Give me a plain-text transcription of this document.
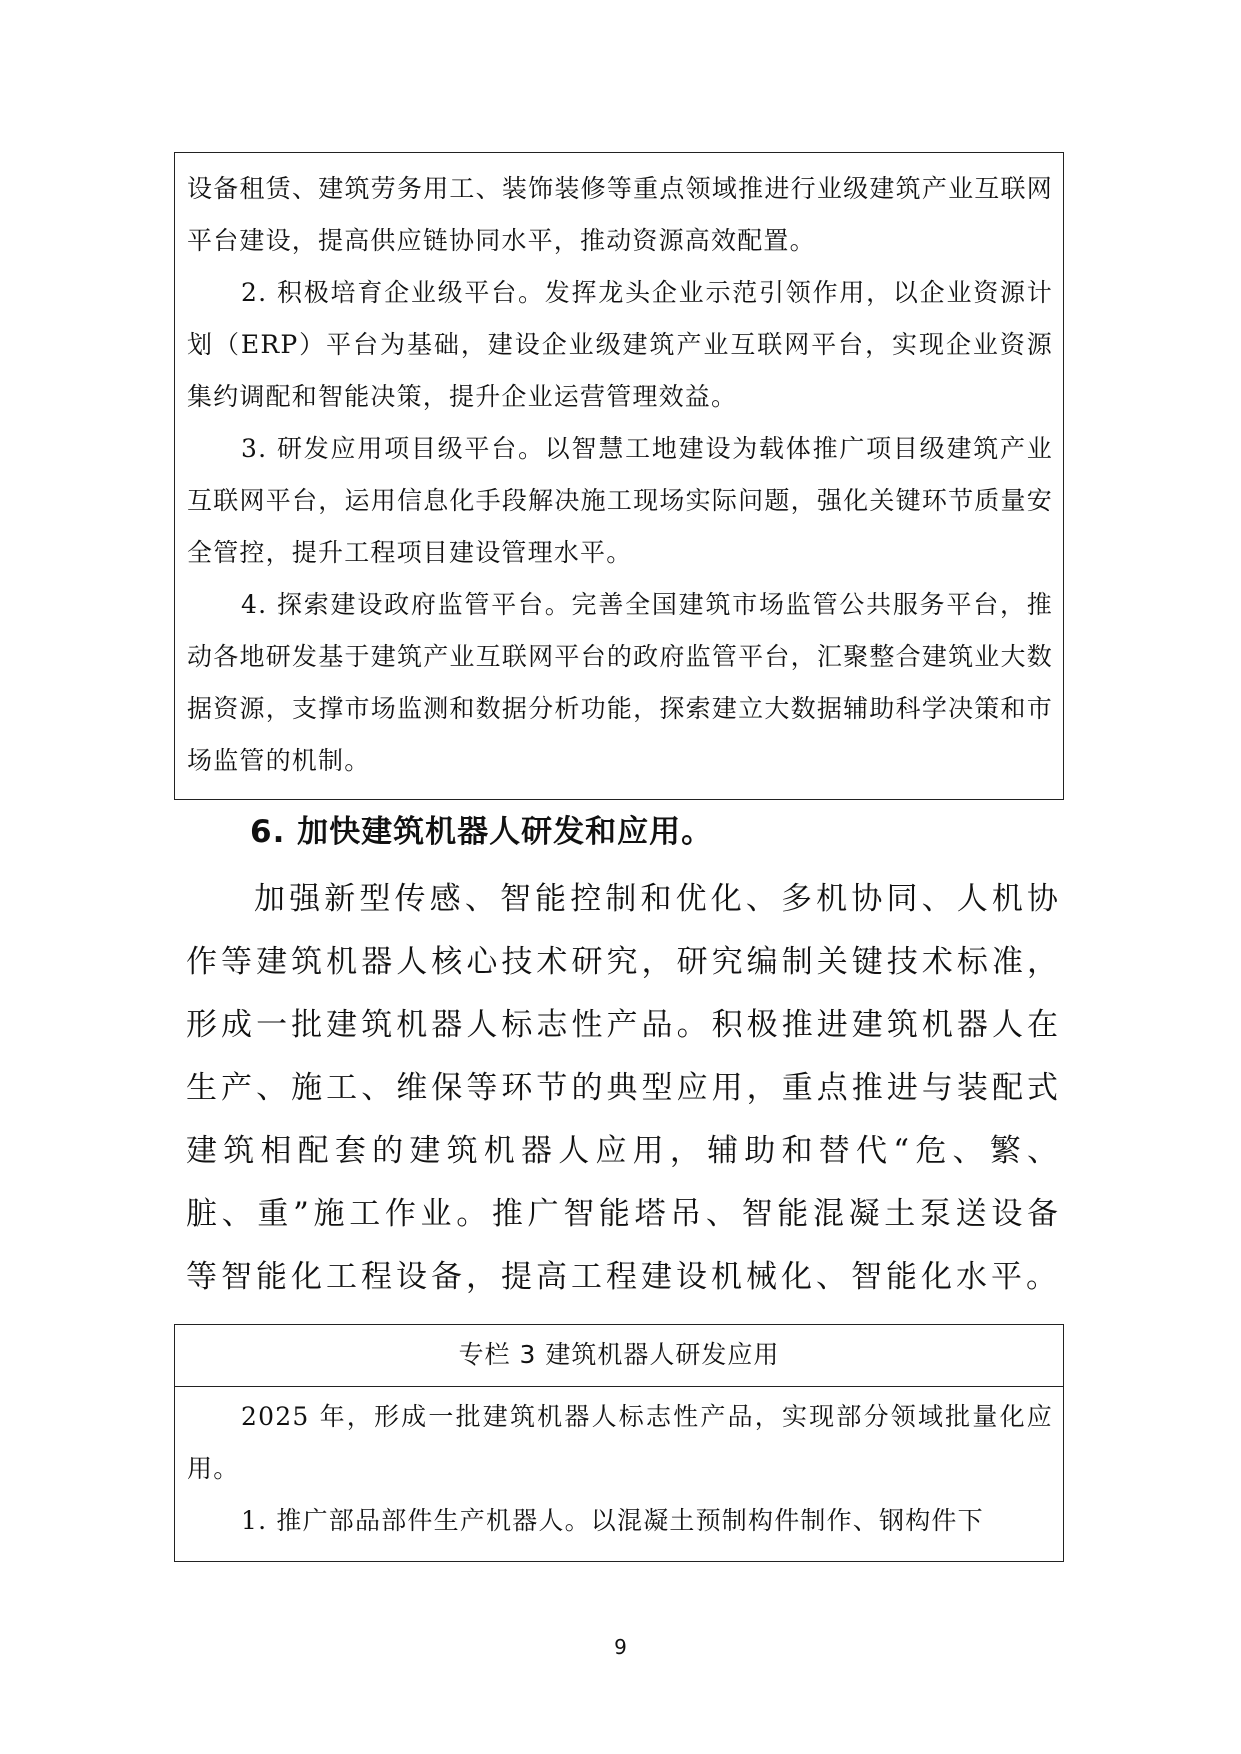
设备租赁、建筑劳务用工、装饰装修等重点领域推进行业级建筑产业互联网平台建设，提高供应链协同水平，推动资源高效配置。

2. 积极培育企业级平台。发挥龙头企业示范引领作用，以企业资源计划（ERP）平台为基础，建设企业级建筑产业互联网平台，实现企业资源集约调配和智能决策，提升企业运营管理效益。

3. 研发应用项目级平台。以智慧工地建设为载体推广项目级建筑产业互联网平台，运用信息化手段解决施工现场实际问题，强化关键环节质量安全管控，提升工程项目建设管理水平。

4. 探索建设政府监管平台。完善全国建筑市场监管公共服务平台，推动各地研发基于建筑产业互联网平台的政府监管平台，汇聚整合建筑业大数据资源，支撑市场监测和数据分析功能，探索建立大数据辅助科学决策和市场监管的机制。

6. 加快建筑机器人研发和应用。

加强新型传感、智能控制和优化、多机协同、人机协作等建筑机器人核心技术研究，研究编制关键技术标准，形成一批建筑机器人标志性产品。积极推进建筑机器人在生产、施工、维保等环节的典型应用，重点推进与装配式建筑相配套的建筑机器人应用，辅助和替代“危、繁、脏、重”施工作业。推广智能塔吊、智能混凝土泵送设备等智能化工程设备，提高工程建设机械化、智能化水平。

专栏 3 建筑机器人研发应用

2025 年，形成一批建筑机器人标志性产品，实现部分领域批量化应用。

1. 推广部品部件生产机器人。以混凝土预制构件制作、钢构件下

9
